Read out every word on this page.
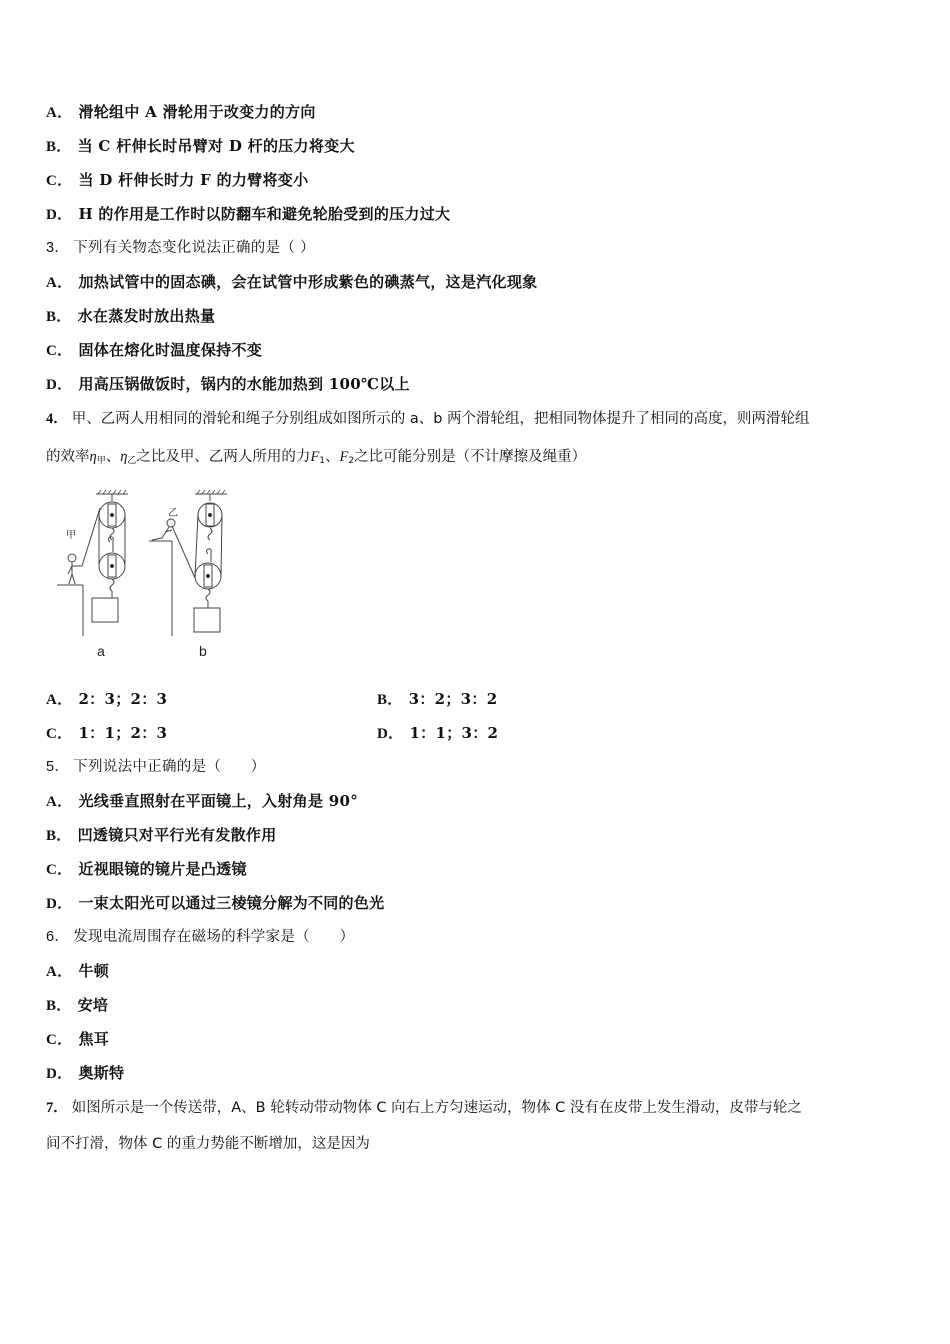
A． 滑轮组中 A 滑轮用于改变力的方向
B． 当 C 杆伸长时吊臂对 D 杆的压力将变大
C． 当 D 杆伸长时力 F 的力臂将变小
D． H 的作用是工作时以防翻车和避免轮胎受到的压力过大
3． 下列有关物态变化说法正确的是（ ）
A． 加热试管中的固态碘，会在试管中形成紫色的碘蒸气，这是汽化现象
B． 水在蒸发时放出热量
C． 固体在熔化时温度保持不变
D． 用高压锅做饭时，锅内的水能加热到 100℃以上
4． 甲、乙两人用相同的滑轮和绳子分别组成如图所示的 a、b 两个滑轮组，把相同物体提升了相同的高度，则两滑轮组
的效率$\eta_甲$、$\eta_乙$之比及甲、乙两人所用的力$F_1$、$F_2$之比可能分别是（不计摩擦及绳重）
甲
乙
a	b
A． 2：3；2：3	B． 3：2；3：2
C． 1：1；2：3	D． 1：1；3：2
5． 下列说法中正确的是（　　）
A． 光线垂直照射在平面镜上，入射角是 90°
B． 凹透镜只对平行光有发散作用
C． 近视眼镜的镜片是凸透镜
D． 一束太阳光可以通过三棱镜分解为不同的色光
6． 发现电流周围存在磁场的科学家是（　　）
A． 牛顿
B． 安培
C． 焦耳
D． 奥斯特
7． 如图所示是一个传送带，A、B 轮转动带动物体 C 向右上方匀速运动，物体 C 没有在皮带上发生滑动，皮带与轮之
间不打滑，物体 C 的重力势能不断增加，这是因为
